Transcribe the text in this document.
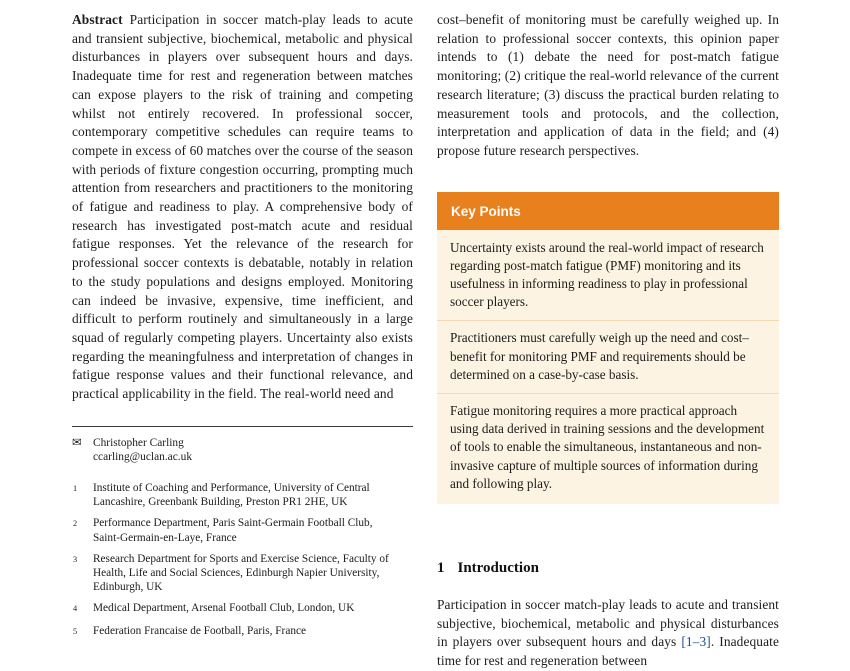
Abstract Participation in soccer match-play leads to acute and transient subjective, biochemical, metabolic and physical disturbances in players over subsequent hours and days. Inadequate time for rest and regeneration between matches can expose players to the risk of training and competing whilst not entirely recovered. In professional soccer, contemporary competitive schedules can require teams to compete in excess of 60 matches over the course of the season with periods of fixture congestion occurring, prompting much attention from researchers and practitioners to the monitoring of fatigue and readiness to play. A comprehensive body of research has investigated post-match acute and residual fatigue responses. Yet the relevance of the research for professional soccer contexts is debatable, notably in relation to the study populations and designs employed. Monitoring can indeed be invasive, expensive, time inefficient, and difficult to perform routinely and simultaneously in a large squad of regularly competing players. Uncertainty also exists regarding the meaningfulness and interpretation of changes in fatigue response values and their functional relevance, and practical applicability in the field. The real-world need and

✉ Christopher Carling
ccarling@uclan.ac.uk
1	Institute of Coaching and Performance, University of Central Lancashire, Greenbank Building, Preston PR1 2HE, UK
2	Performance Department, Paris Saint-Germain Football Club, Saint-Germain-en-Laye, France
3	Research Department for Sports and Exercise Science, Faculty of Health, Life and Social Sciences, Edinburgh Napier University, Edinburgh, UK
4	Medical Department, Arsenal Football Club, London, UK
5	Federation Francaise de Football, Paris, France

cost–benefit of monitoring must be carefully weighed up. In relation to professional soccer contexts, this opinion paper intends to (1) debate the need for post-match fatigue monitoring; (2) critique the real-world relevance of the current research literature; (3) discuss the practical burden relating to measurement tools and protocols, and the collection, interpretation and application of data in the field; and (4) propose future research perspectives.

Key Points
Uncertainty exists around the real-world impact of research regarding post-match fatigue (PMF) monitoring and its usefulness in informing readiness to play in professional soccer players.
Practitioners must carefully weigh up the need and cost–benefit for monitoring PMF and requirements should be determined on a case-by-case basis.
Fatigue monitoring requires a more practical approach using data derived in training sessions and the development of tools to enable the simultaneous, instantaneous and non-invasive capture of multiple sources of information during and following play.
1 Introduction

Participation in soccer match-play leads to acute and transient subjective, biochemical, metabolic and physical disturbances in players over subsequent hours and days [1–3]. Inadequate time for rest and regeneration between
